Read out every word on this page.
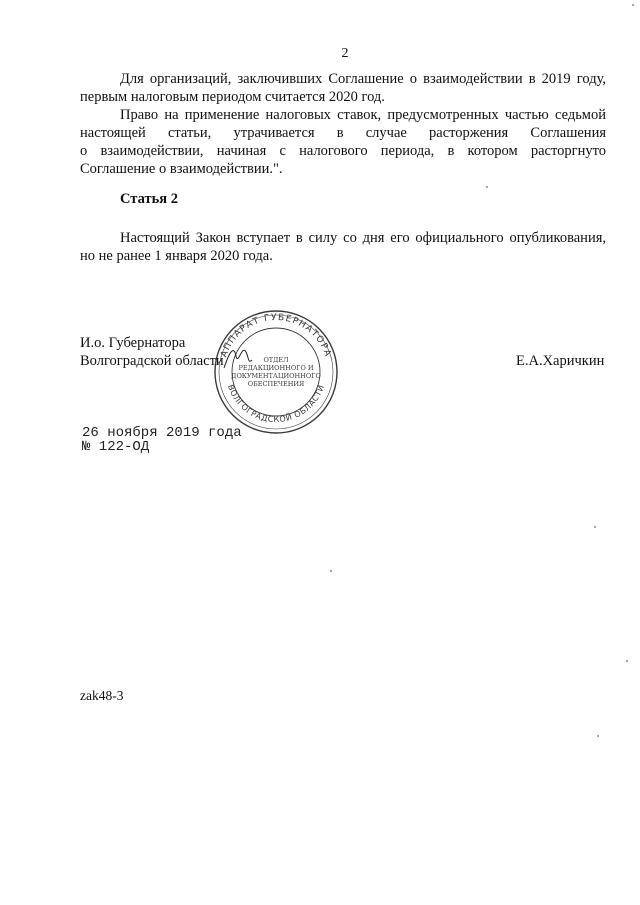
2
Для организаций, заключивших Соглашение о взаимодействии в 2019 году,
первым налоговым периодом считается 2020 год.
Право на применение налоговых ставок, предусмотренных частью седьмой
настоящей статьи, утрачивается в случае расторжения Соглашения
о взаимодействии, начиная с налогового периода, в котором расторгнуто
Соглашение о взаимодействии.".
Статья 2
Настоящий Закон вступает в силу со дня его официального опубликования,
но не ранее 1 января 2020 года.
АППАРАТ ГУБЕРНАТОРА
ВОЛГОГРАДСКОЙ ОБЛАСТИ
ОТДЕЛ
РЕДАКЦИОННОГО И
ДОКУМЕНТАЦИОННОГО
ОБЕСПЕЧЕНИЯ
И.о. Губернатора
Волгоградской области	Е.А.Харичкин
26 ноября 2019 года
№ 122-ОД
zak48-3
